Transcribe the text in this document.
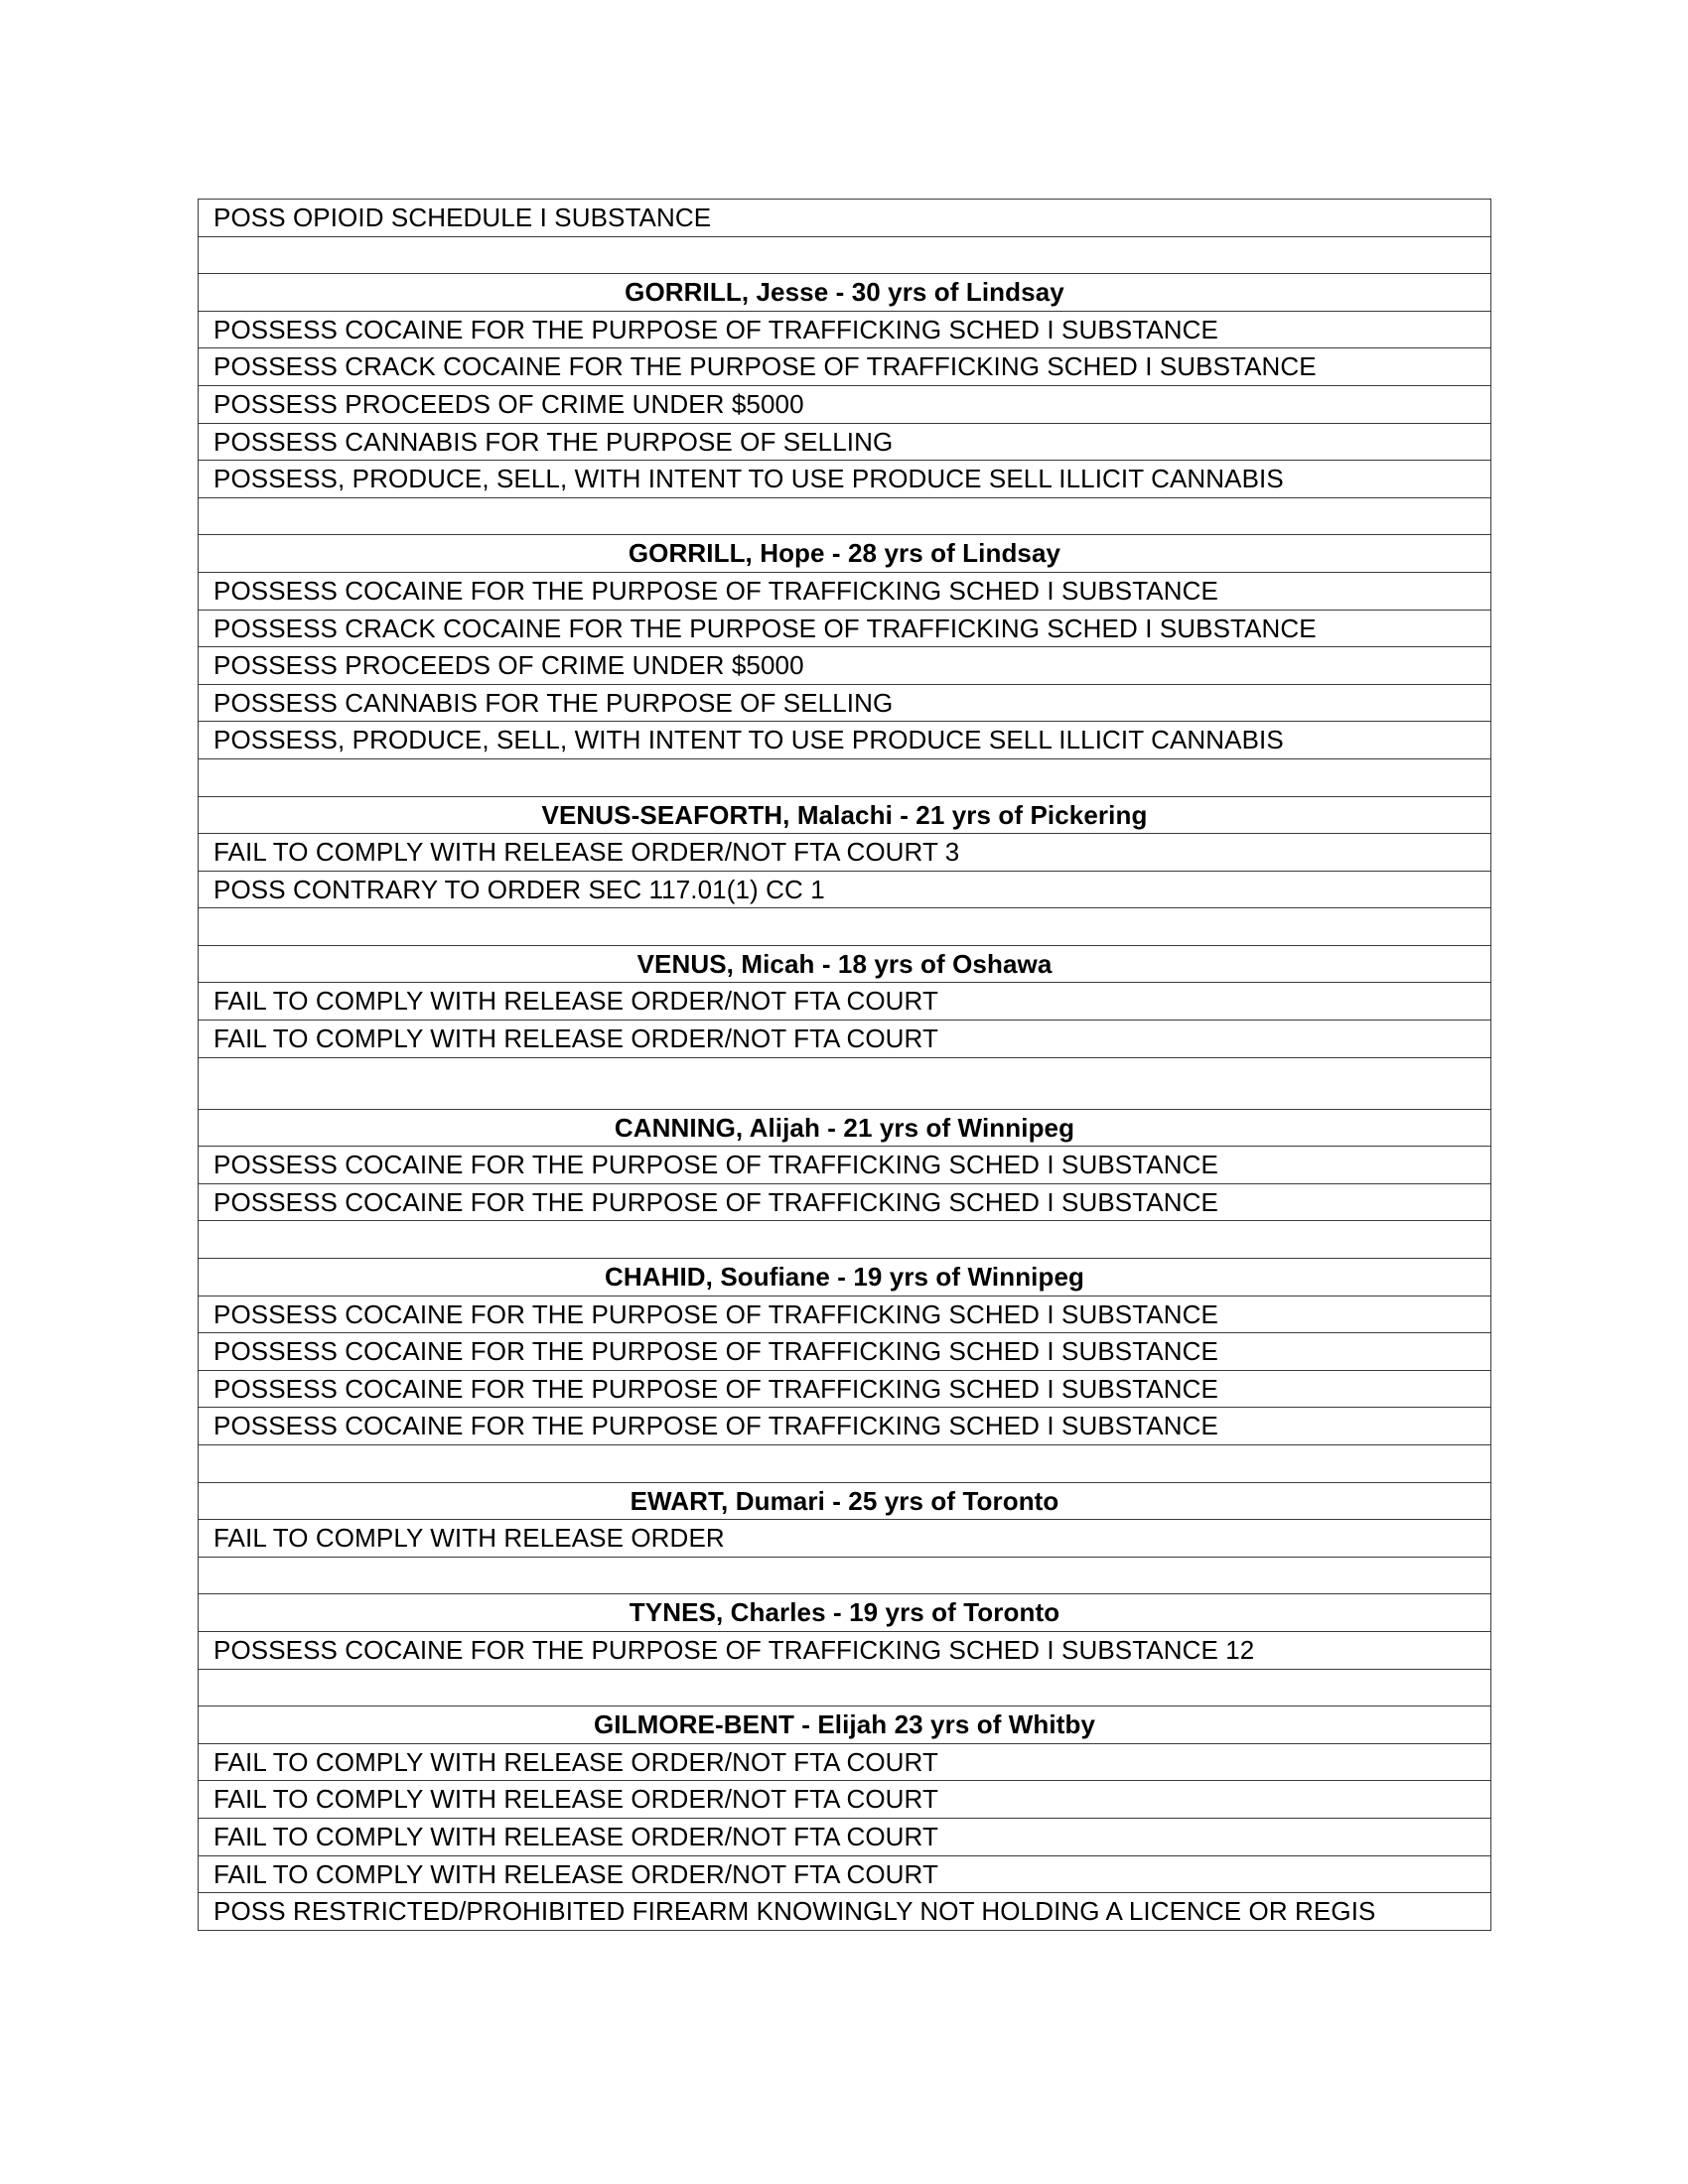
POSS OPIOID SCHEDULE I SUBSTANCE

GORRILL, Jesse - 30 yrs of Lindsay
POSSESS COCAINE FOR THE PURPOSE OF TRAFFICKING SCHED I SUBSTANCE
POSSESS CRACK COCAINE FOR THE PURPOSE OF TRAFFICKING SCHED I SUBSTANCE
POSSESS PROCEEDS OF CRIME UNDER $5000
POSSESS CANNABIS FOR THE PURPOSE OF SELLING
POSSESS, PRODUCE, SELL, WITH INTENT TO USE PRODUCE SELL ILLICIT CANNABIS

GORRILL, Hope - 28 yrs of Lindsay
POSSESS COCAINE FOR THE PURPOSE OF TRAFFICKING SCHED I SUBSTANCE
POSSESS CRACK COCAINE FOR THE PURPOSE OF TRAFFICKING SCHED I SUBSTANCE
POSSESS PROCEEDS OF CRIME UNDER $5000
POSSESS CANNABIS FOR THE PURPOSE OF SELLING
POSSESS, PRODUCE, SELL, WITH INTENT TO USE PRODUCE SELL ILLICIT CANNABIS

VENUS-SEAFORTH, Malachi - 21 yrs of Pickering
FAIL TO COMPLY WITH RELEASE ORDER/NOT FTA COURT 3
POSS CONTRARY TO ORDER SEC 117.01(1) CC 1

VENUS, Micah - 18 yrs of Oshawa
FAIL TO COMPLY WITH RELEASE ORDER/NOT FTA COURT
FAIL TO COMPLY WITH RELEASE ORDER/NOT FTA COURT

CANNING, Alijah - 21 yrs of Winnipeg
POSSESS COCAINE FOR THE PURPOSE OF TRAFFICKING SCHED I SUBSTANCE
POSSESS COCAINE FOR THE PURPOSE OF TRAFFICKING SCHED I SUBSTANCE

CHAHID, Soufiane - 19 yrs of Winnipeg
POSSESS COCAINE FOR THE PURPOSE OF TRAFFICKING SCHED I SUBSTANCE
POSSESS COCAINE FOR THE PURPOSE OF TRAFFICKING SCHED I SUBSTANCE
POSSESS COCAINE FOR THE PURPOSE OF TRAFFICKING SCHED I SUBSTANCE
POSSESS COCAINE FOR THE PURPOSE OF TRAFFICKING SCHED I SUBSTANCE

EWART, Dumari - 25 yrs of Toronto
FAIL TO COMPLY WITH RELEASE ORDER

TYNES, Charles - 19 yrs of Toronto
POSSESS COCAINE FOR THE PURPOSE OF TRAFFICKING SCHED I SUBSTANCE 12

GILMORE-BENT - Elijah 23 yrs of Whitby
FAIL TO COMPLY WITH RELEASE ORDER/NOT FTA COURT
FAIL TO COMPLY WITH RELEASE ORDER/NOT FTA COURT
FAIL TO COMPLY WITH RELEASE ORDER/NOT FTA COURT
FAIL TO COMPLY WITH RELEASE ORDER/NOT FTA COURT
POSS RESTRICTED/PROHIBITED FIREARM KNOWINGLY NOT HOLDING A LICENCE OR REGIS
